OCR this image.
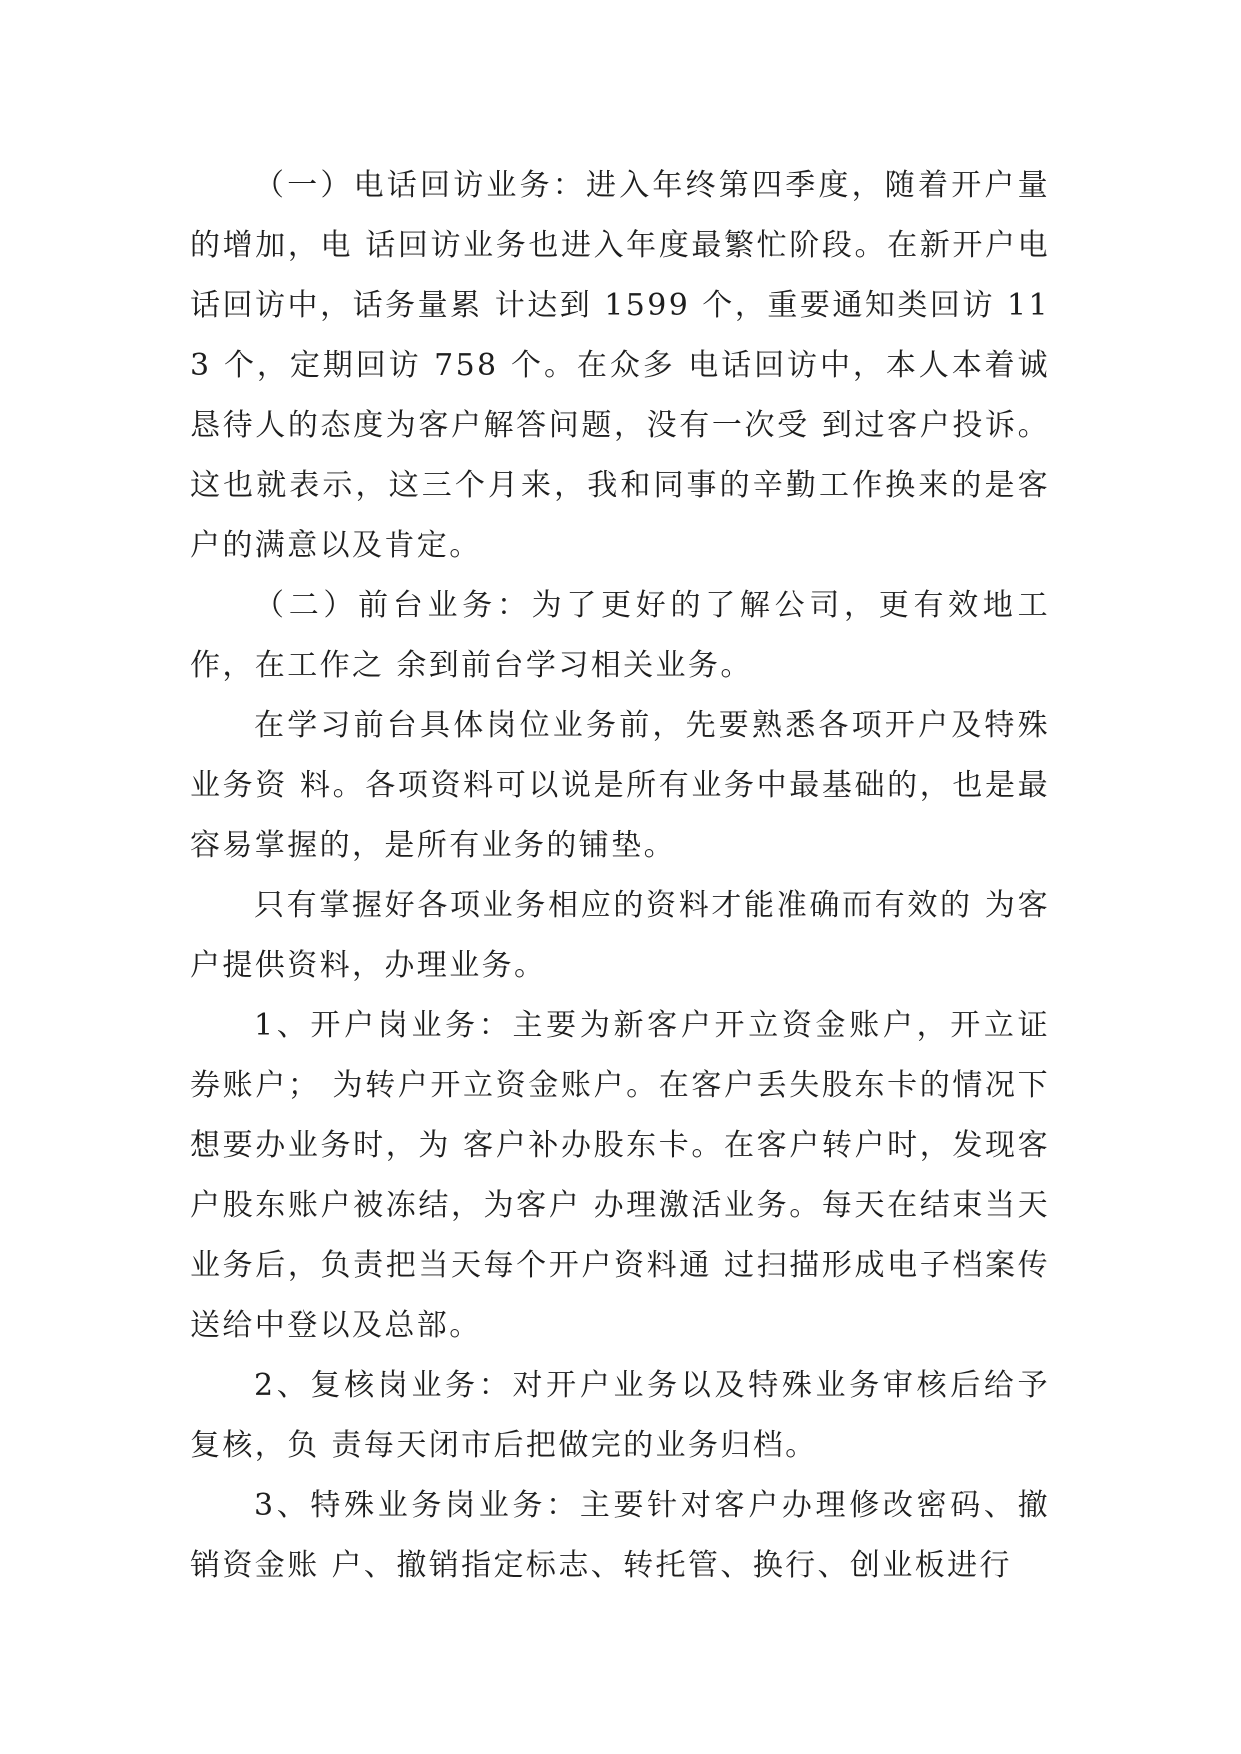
（一）电话回访业务：进入年终第四季度，随着开户量的增加，电 话回访业务也进入年度最繁忙阶段。在新开户电话回访中，话务量累 计达到 1599 个，重要通知类回访 113 个，定期回访 758 个。在众多 电话回访中，本人本着诚恳待人的态度为客户解答问题，没有一次受 到过客户投诉。这也就表示，这三个月来，我和同事的辛勤工作换来的是客户的满意以及肯定。

（二）前台业务：为了更好的了解公司，更有效地工作，在工作之 余到前台学习相关业务。

在学习前台具体岗位业务前，先要熟悉各项开户及特殊业务资 料。各项资料可以说是所有业务中最基础的，也是最容易掌握的，是所有业务的铺垫。

只有掌握好各项业务相应的资料才能准确而有效的 为客户提供资料，办理业务。

1、开户岗业务：主要为新客户开立资金账户，开立证券账户； 为转户开立资金账户。在客户丢失股东卡的情况下想要办业务时，为 客户补办股东卡。在客户转户时，发现客户股东账户被冻结，为客户 办理激活业务。每天在结束当天业务后，负责把当天每个开户资料通 过扫描形成电子档案传送给中登以及总部。

2、复核岗业务：对开户业务以及特殊业务审核后给予复核，负 责每天闭市后把做完的业务归档。

3、特殊业务岗业务：主要针对客户办理修改密码、撤销资金账 户、撤销指定标志、转托管、换行、创业板进行
